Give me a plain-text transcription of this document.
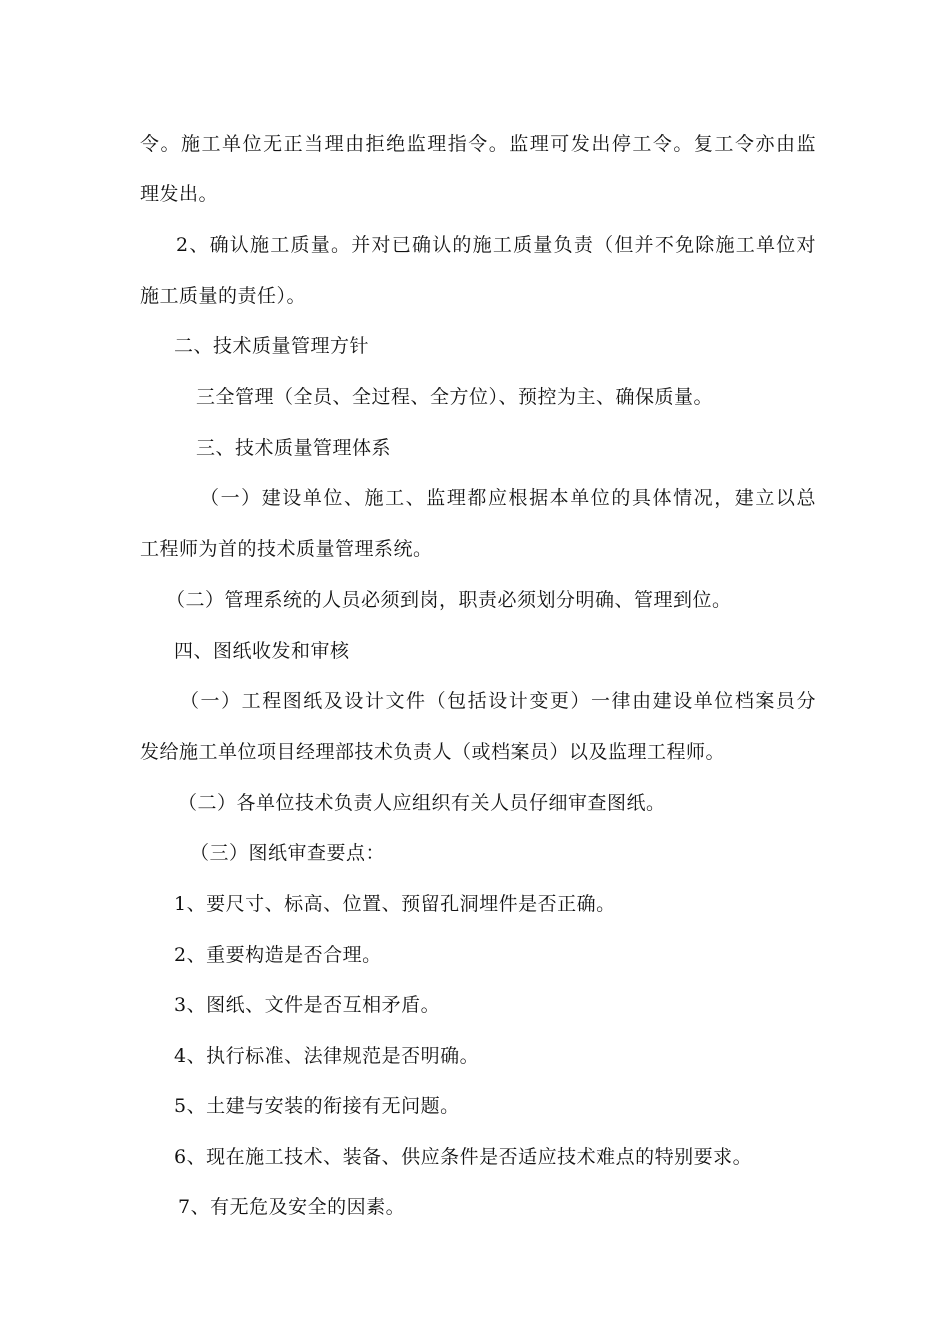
令。施工单位无正当理由拒绝监理指令。监理可发出停工令。复工令亦由监
理发出。
2、确认施工质量。并对已确认的施工质量负责（但并不免除施工单位对
施工质量的责任）。
二、技术质量管理方针
三全管理（全员、全过程、全方位）、预控为主、确保质量。
三、技术质量管理体系
（一）建设单位、施工、监理都应根据本单位的具体情况，建立以总
工程师为首的技术质量管理系统。
（二）管理系统的人员必须到岗，职责必须划分明确、管理到位。
四、图纸收发和审核
（一）工程图纸及设计文件（包括设计变更）一律由建设单位档案员分
发给施工单位项目经理部技术负责人（或档案员）以及监理工程师。
（二）各单位技术负责人应组织有关人员仔细审查图纸。
（三）图纸审查要点：
1、要尺寸、标高、位置、预留孔洞埋件是否正确。
2、重要构造是否合理。
3、图纸、文件是否互相矛盾。
4、执行标准、法律规范是否明确。
5、土建与安装的衔接有无问题。
6、现在施工技术、装备、供应条件是否适应技术难点的特别要求。
7、有无危及安全的因素。
